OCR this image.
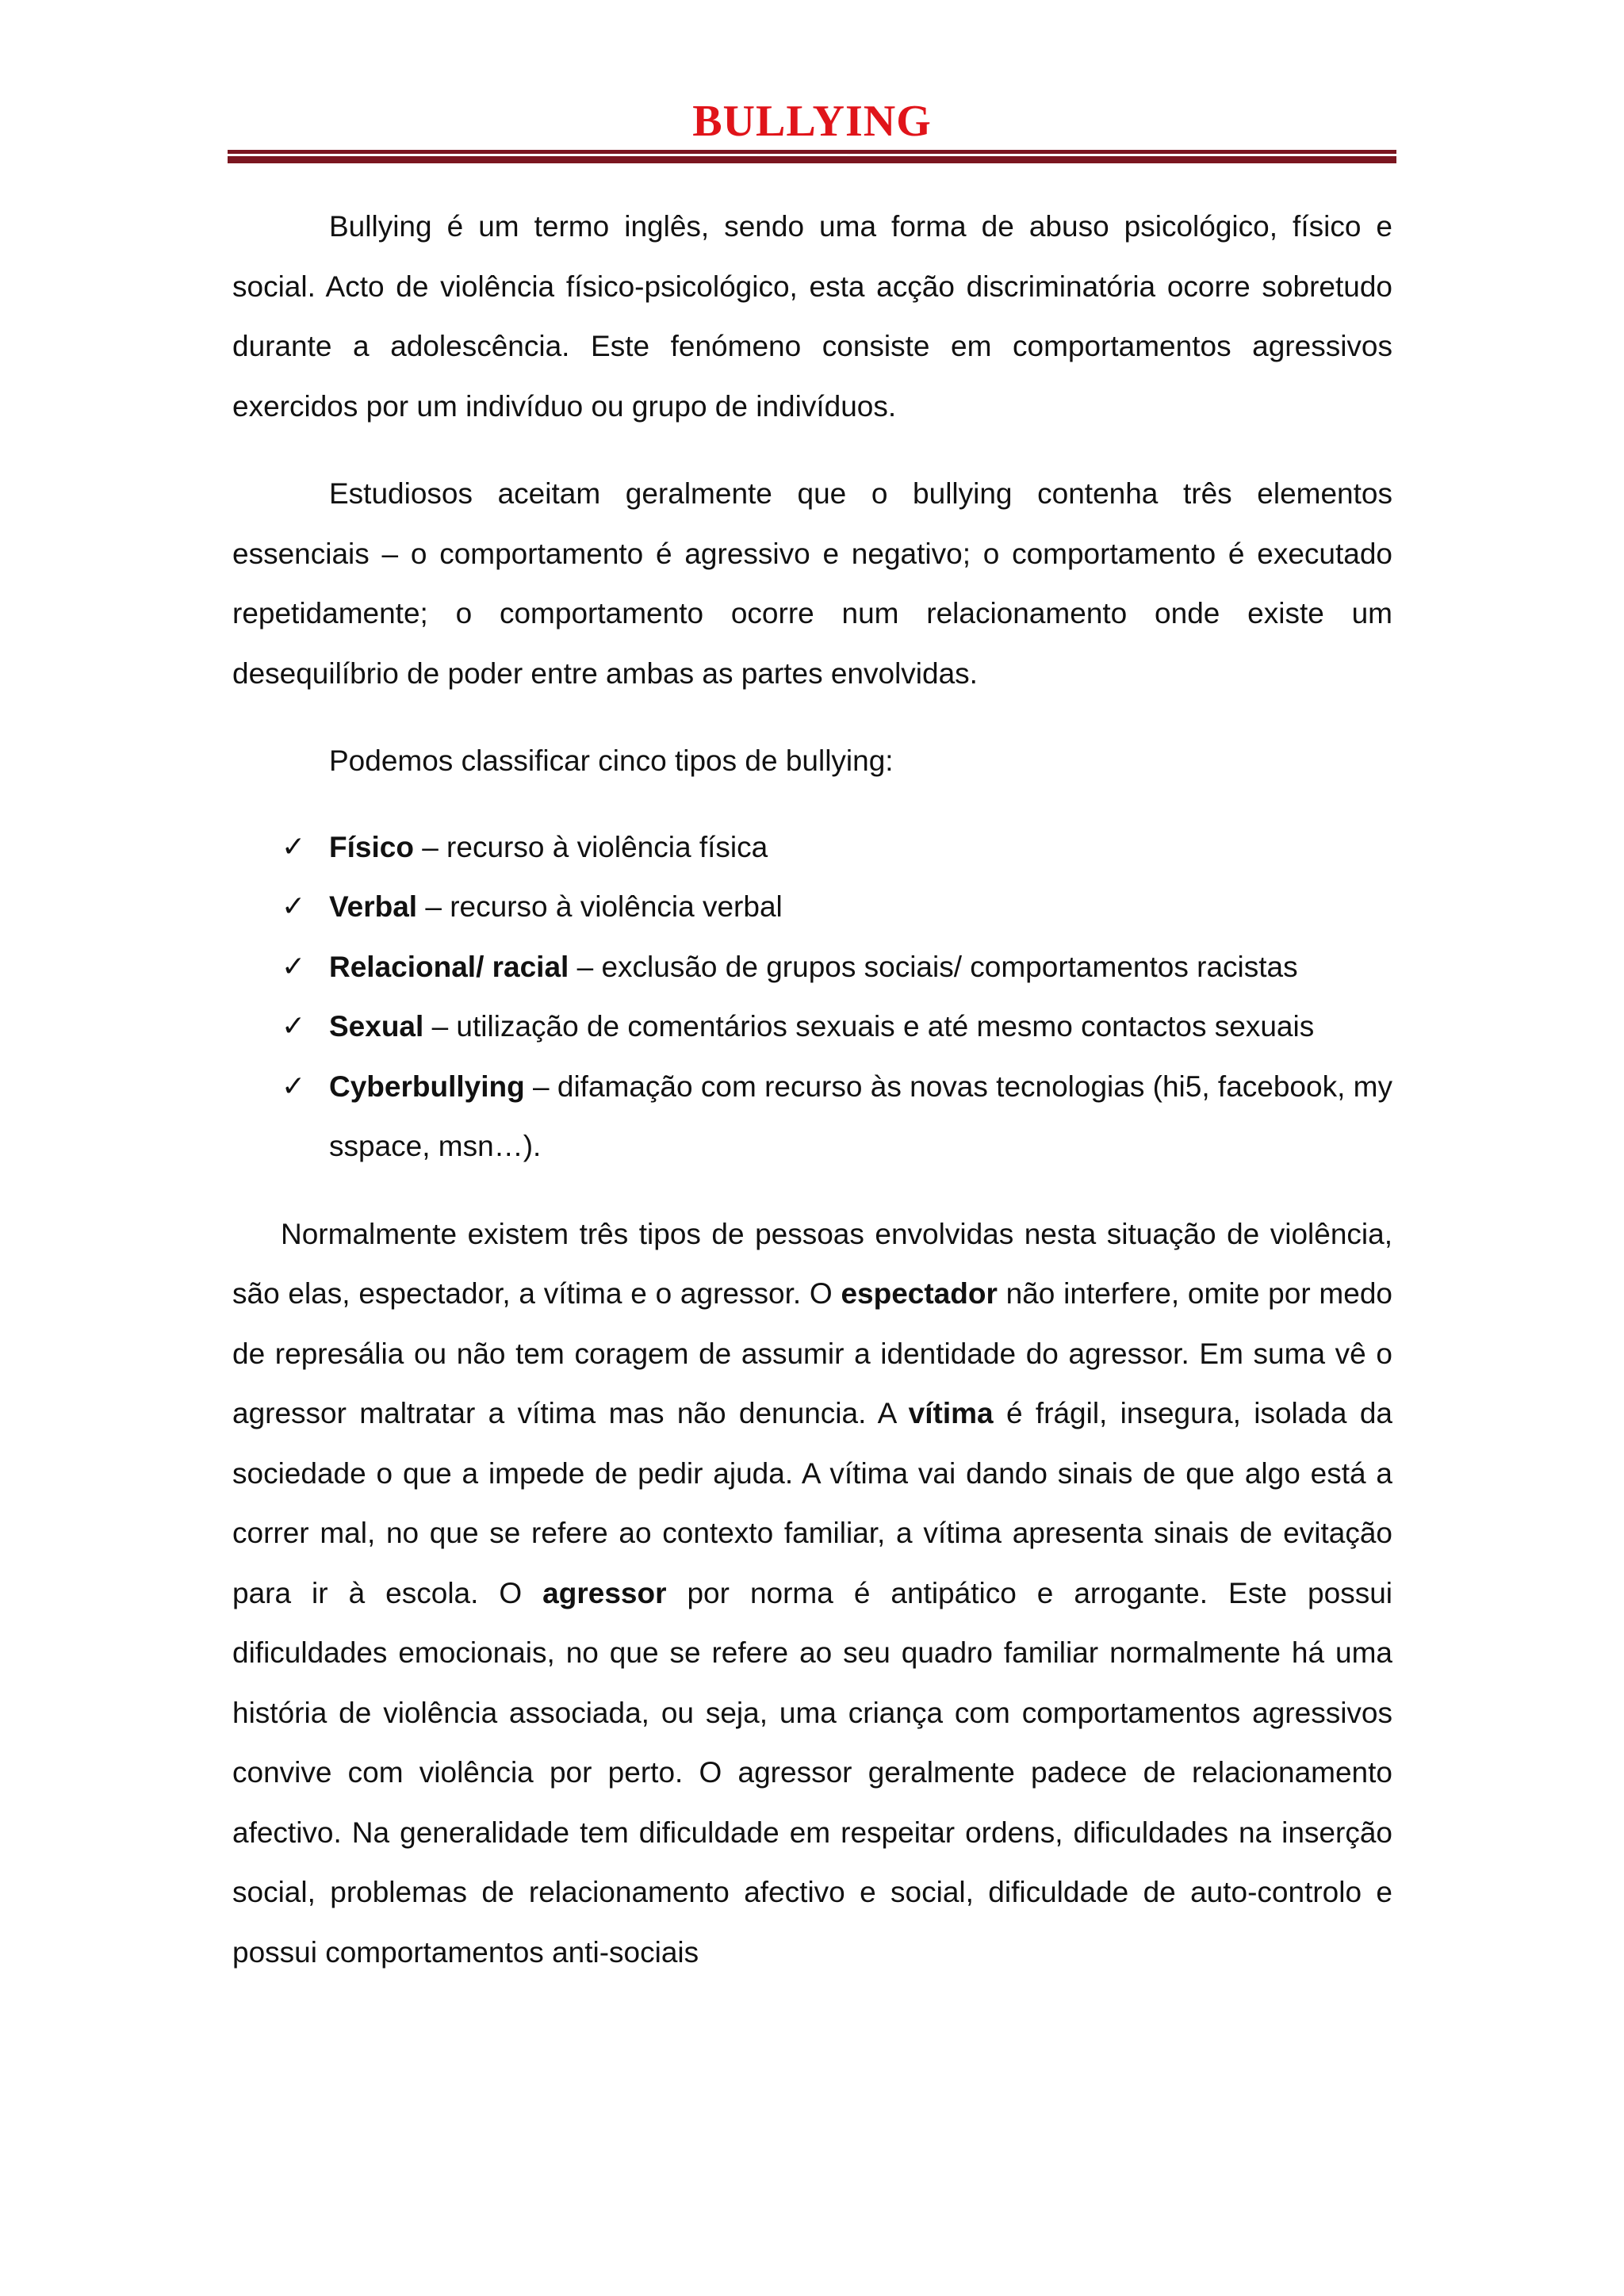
BULLYING

Bullying é um termo inglês, sendo uma forma de abuso psicológico, físico e social. Acto de violência físico-psicológico, esta acção discriminatória ocorre sobretudo durante a adolescência. Este fenómeno consiste em comportamentos agressivos exercidos por um indivíduo ou grupo de indivíduos.

Estudiosos aceitam geralmente que o bullying contenha três elementos essenciais – o comportamento é agressivo e negativo; o comportamento é executado repetidamente; o comportamento ocorre num relacionamento onde existe um desequilíbrio de poder entre ambas as partes envolvidas.

Podemos classificar cinco tipos de bullying:

✓ Físico – recurso à violência física
✓ Verbal – recurso à violência verbal
✓ Relacional/ racial – exclusão de grupos sociais/ comportamentos racistas
✓ Sexual – utilização de comentários sexuais e até mesmo contactos sexuais
✓ Cyberbullying – difamação com recurso às novas tecnologias (hi5, facebook, my sspace, msn…).

Normalmente existem três tipos de pessoas envolvidas nesta situação de violência, são elas, espectador, a vítima e o agressor. O espectador não interfere, omite por medo de represália ou não tem coragem de assumir a identidade do agressor. Em suma vê o agressor maltratar a vítima mas não denuncia. A vítima é frágil, insegura, isolada da sociedade o que a impede de pedir ajuda. A vítima vai dando sinais de que algo está a correr mal, no que se refere ao contexto familiar, a vítima apresenta sinais de evitação para ir à escola. O agressor por norma é antipático e arrogante. Este possui dificuldades emocionais, no que se refere ao seu quadro familiar normalmente há uma história de violência associada, ou seja, uma criança com comportamentos agressivos convive com violência por perto. O agressor geralmente padece de relacionamento afectivo. Na generalidade tem dificuldade em respeitar ordens, dificuldades na inserção social, problemas de relacionamento afectivo e social, dificuldade de auto-controlo e possui comportamentos anti-sociais
